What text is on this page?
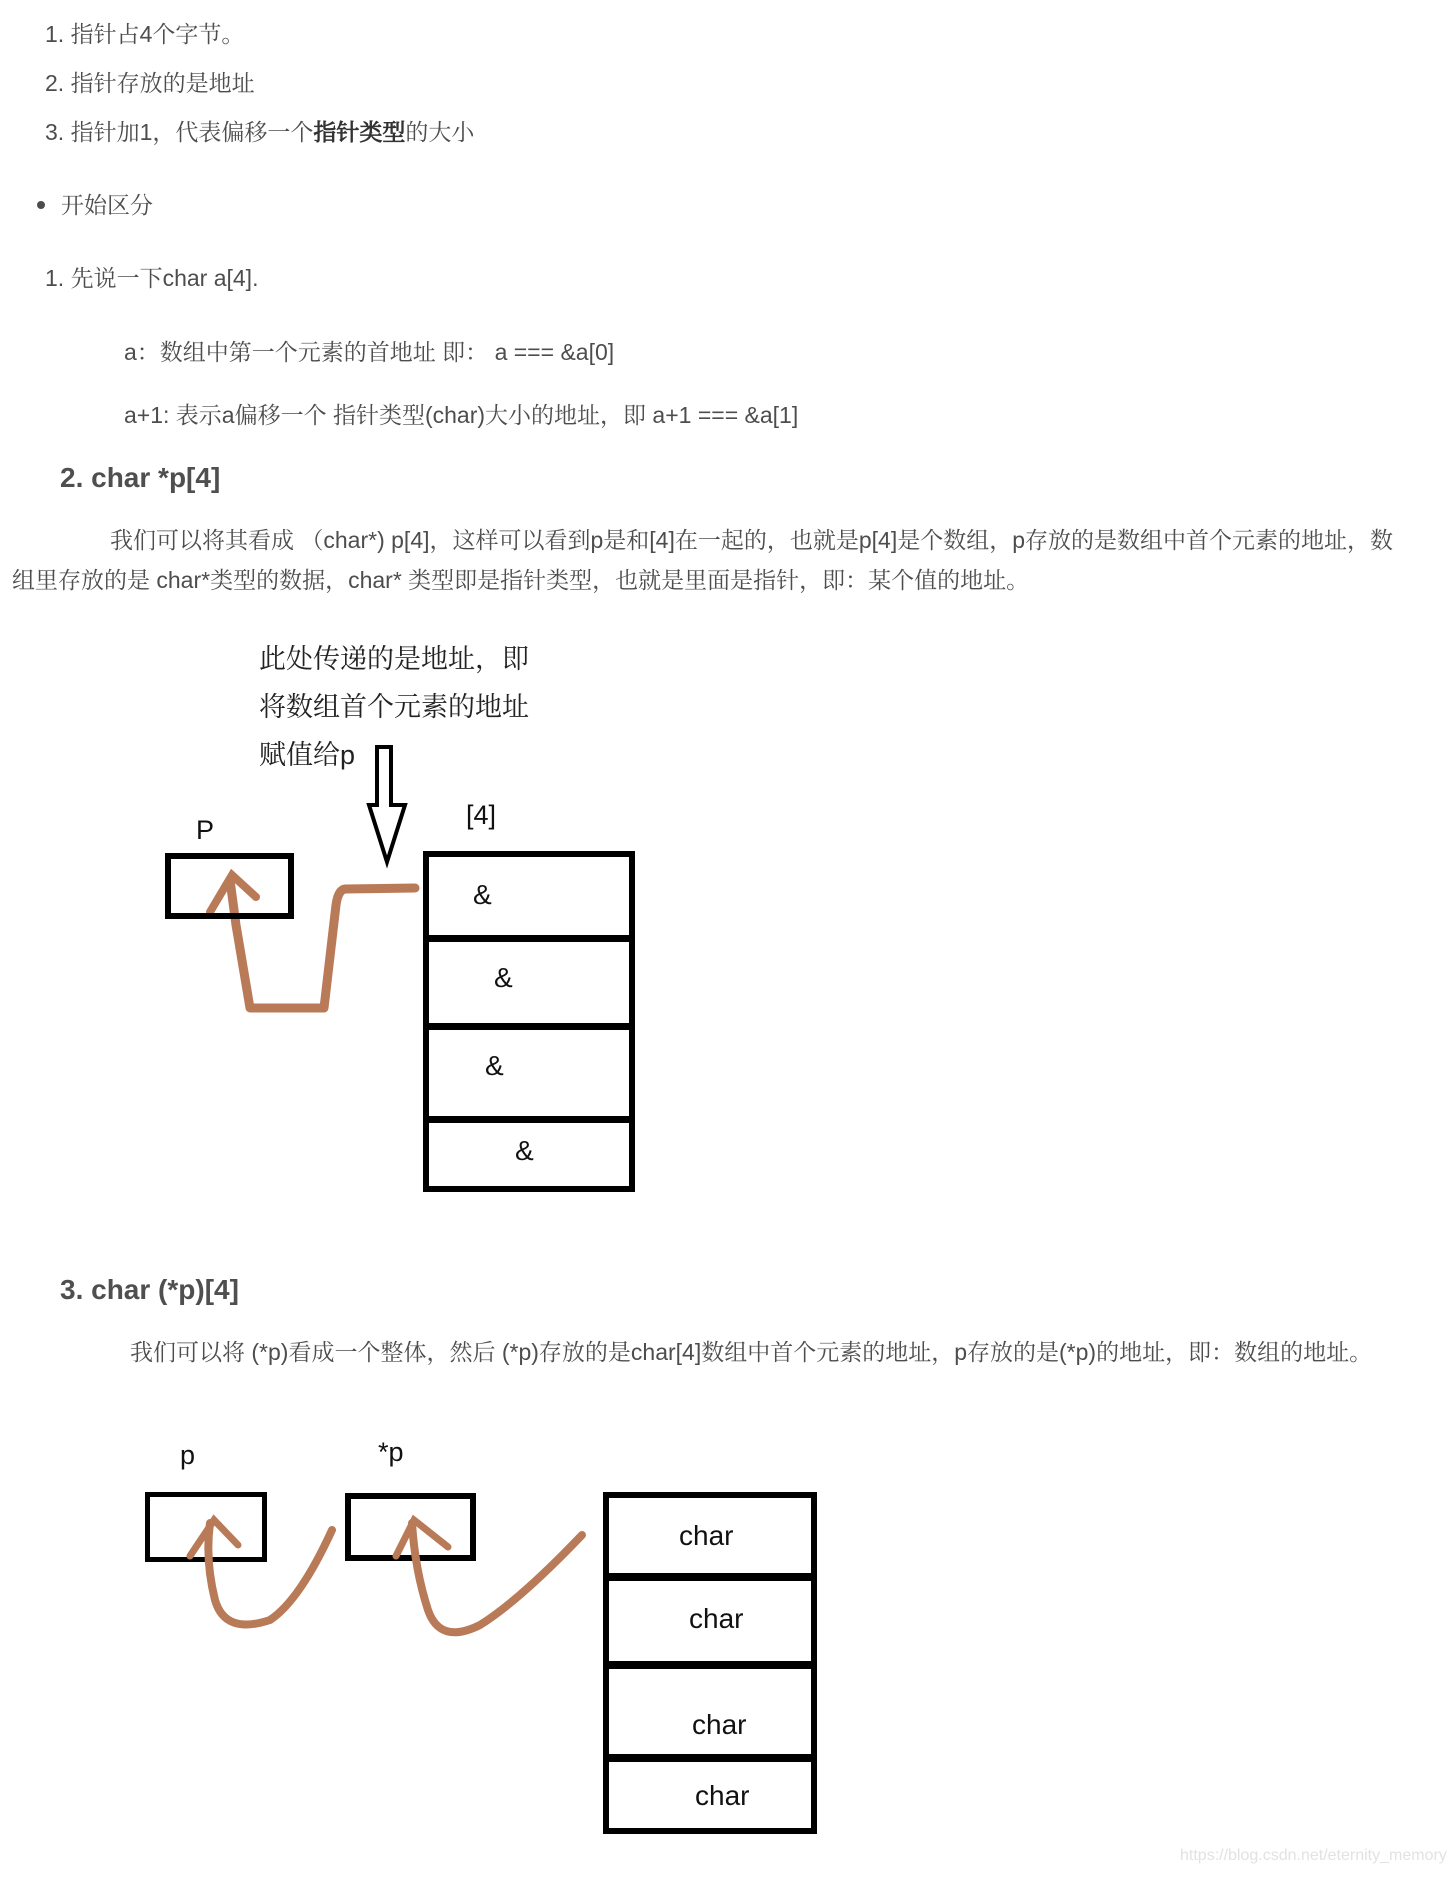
1. 指针占4个字节。
2. 指针存放的是地址
3. 指针加1，代表偏移一个指针类型的大小
开始区分
1. 先说一下char a[4].
a：数组中第一个元素的首地址 即： a === &a[0]
a+1: 表示a偏移一个 指针类型(char)大小的地址，即 a+1 === &a[1]
2. char *p[4]
我们可以将其看成 （char*) p[4]，这样可以看到p是和[4]在一起的，也就是p[4]是个数组，p存放的是数组中首个元素的地址，数
组里存放的是 char*类型的数据，char* 类型即是指针类型，也就是里面是指针，即：某个值的地址。
此处传递的是地址，即
将数组首个元素的地址
赋值给p
P	[4]
&
&
&
&
3. char (*p)[4]
我们可以将 (*p)看成一个整体，然后 (*p)存放的是char[4]数组中首个元素的地址，p存放的是(*p)的地址，即：数组的地址。
p	*p
char
char
char
char
https://blog.csdn.net/eternity_memory
